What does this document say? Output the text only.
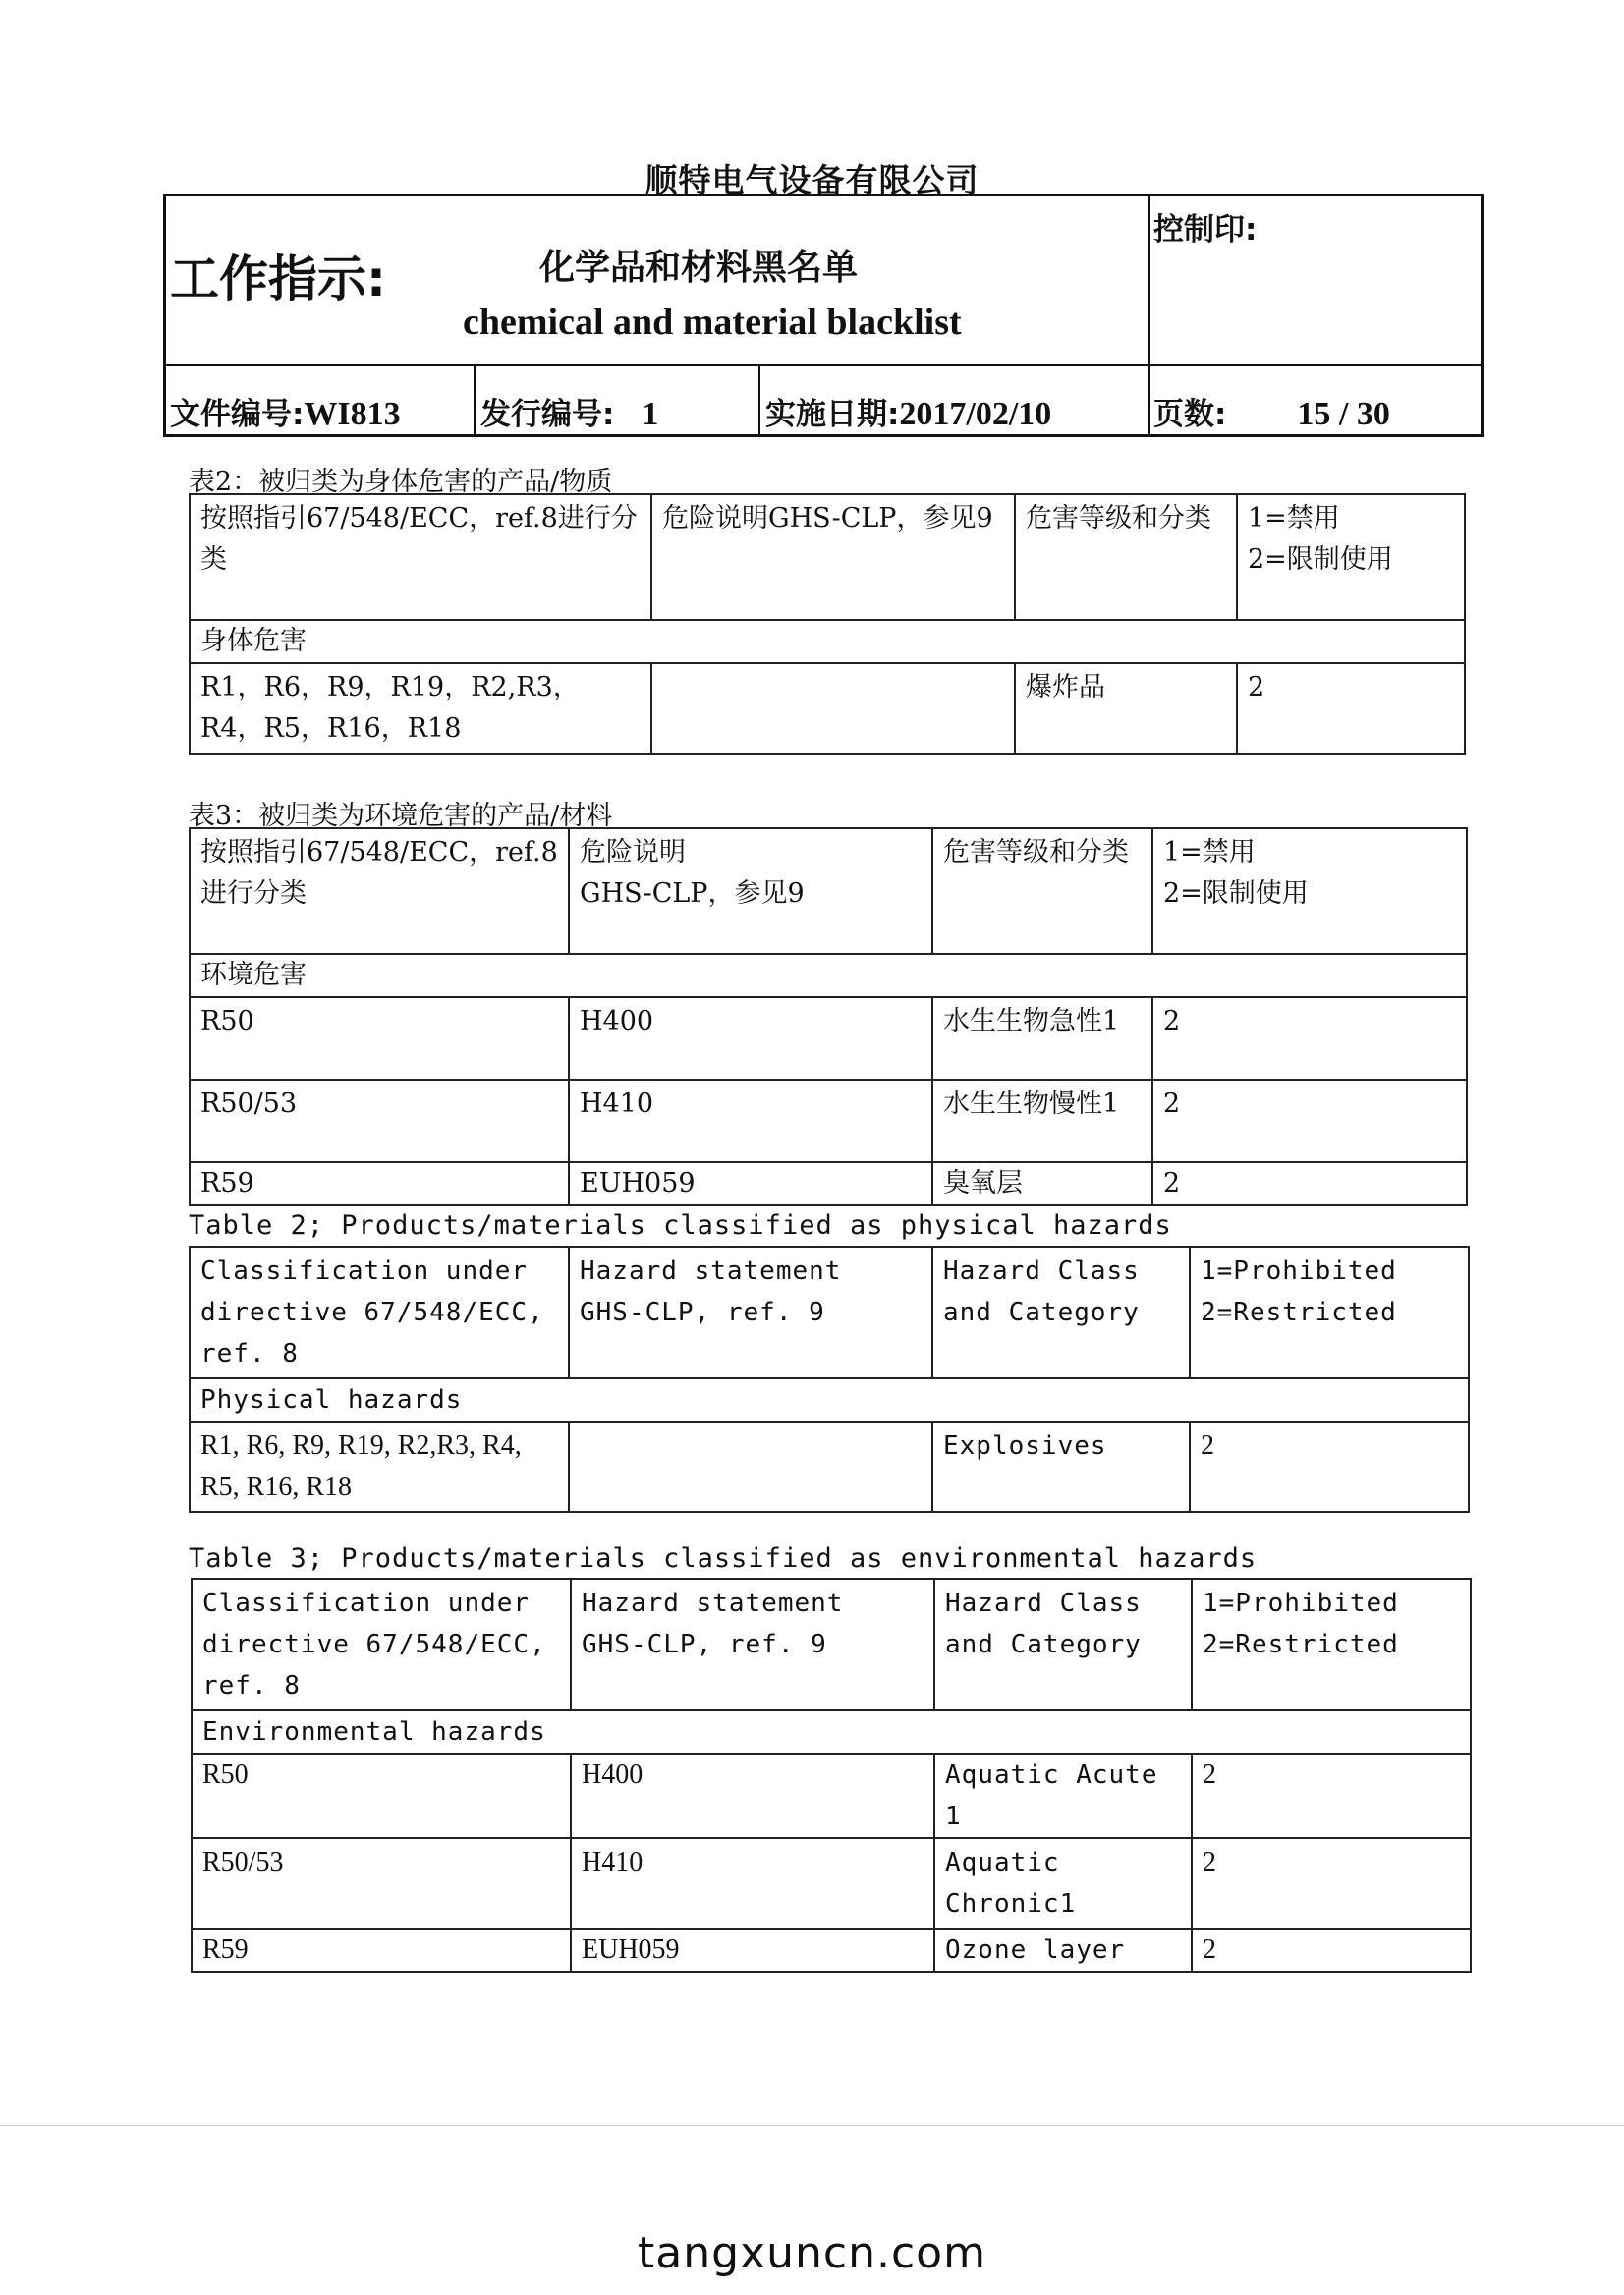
顺特电气设备有限公司
工作指示:	化学品和材料黑名单
chemical and material blacklist
控制印:
文件编号:WI813	发行编号: 1	实施日期:2017/02/10	页数: 15 / 30
表2：被归类为身体危害的产品/物质
按照指引67/548/ECC，ref.8进行分类	危险说明GHS-CLP，参见9	危害等级和分类	1=禁用
2=限制使用
身体危害			
R1，R6，R9，R19，R2,R3，R4，R5，R16，R18		爆炸品	2
表3：被归类为环境危害的产品/材料
按照指引67/548/ECC，ref.8进行分类	危险说明
GHS-CLP，参见9	危害等级和分类	1=禁用
2=限制使用
环境危害			
R50	H400	水生生物急性1	2
R50/53	H410	水生生物慢性1	2
R59	EUH059	臭氧层	2
Table 2; Products/materials classified as physical hazards
Classification under directive 67/548/ECC, ref. 8	Hazard statement GHS-CLP, ref. 9	Hazard Class and Category	1=Prohibited
2=Restricted
Physical hazards			
R1, R6, R9, R19, R2,R3, R4, R5, R16, R18		Explosives	2
Table 3; Products/materials classified as environmental hazards
Classification under directive 67/548/ECC, ref. 8	Hazard statement GHS-CLP, ref. 9	Hazard Class and Category	1=Prohibited
2=Restricted
Environmental hazards			
R50	H400	Aquatic Acute 1	2
R50/53	H410	Aquatic Chronic1	2
R59	EUH059	Ozone layer	2
tangxuncn.com
